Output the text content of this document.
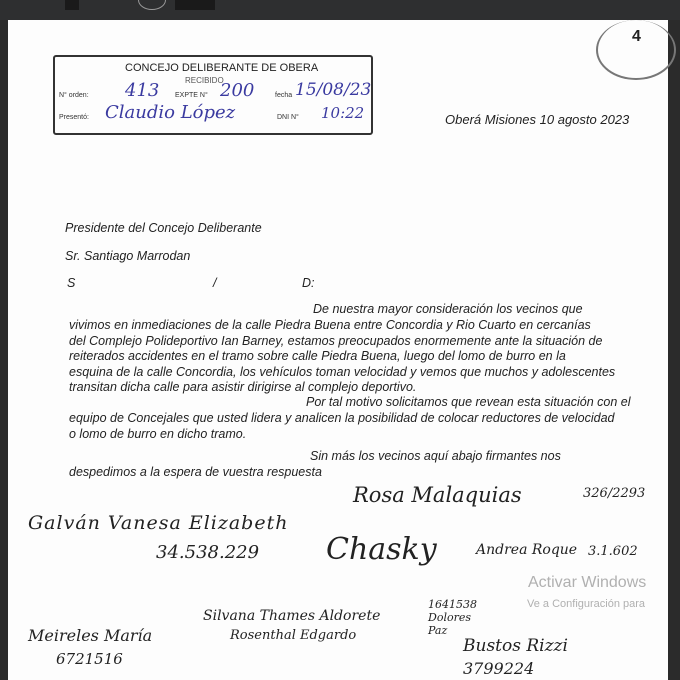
CONCEJO DELIBERANTE DE OBERA
RECIBIDO
N° orden: 413 EXPTE N° 200	fecha 15/08/23
Presentó: Claudio López	DNI N° 10:22
4
Oberá Misiones 10 agosto 2023
Presidente del Concejo Deliberante
Sr. Santiago Marrodan
S	/	D:
De nuestra mayor consideración los vecinos que
vivimos en inmediaciones de la calle Piedra Buena entre Concordia y Rio Cuarto en cercanías
del Complejo Polideportivo Ian Barney, estamos preocupados enormemente ante la situación de
reiterados accidentes en el tramo sobre calle Piedra Buena, luego del lomo de burro en la
esquina de la calle Concordia, los vehículos toman velocidad y vemos que muchos y adolescentes
transitan dicha calle para asistir dirigirse al complejo deportivo.
Por tal motivo solicitamos que revean esta situación con el
equipo de Concejales que usted lidera y analicen la posibilidad de colocar reductores de velocidad
o lomo de burro en dicho tramo.
Sin más los vecinos aquí abajo firmantes nos
despedimos a la espera de vuestra respuesta
Rosa Malaquias	326/2293
Galván Vanesa Elizabeth
34.538.229 Chasky
Silvana Thames Aldorete
Rosenthal Edgardo
Meireles María
6721516
1641538 Dolores Paz
Andrea Roque 3.1.602
Bustos Rizzi
3799224
Activar Windows
Ve a Configuración para
